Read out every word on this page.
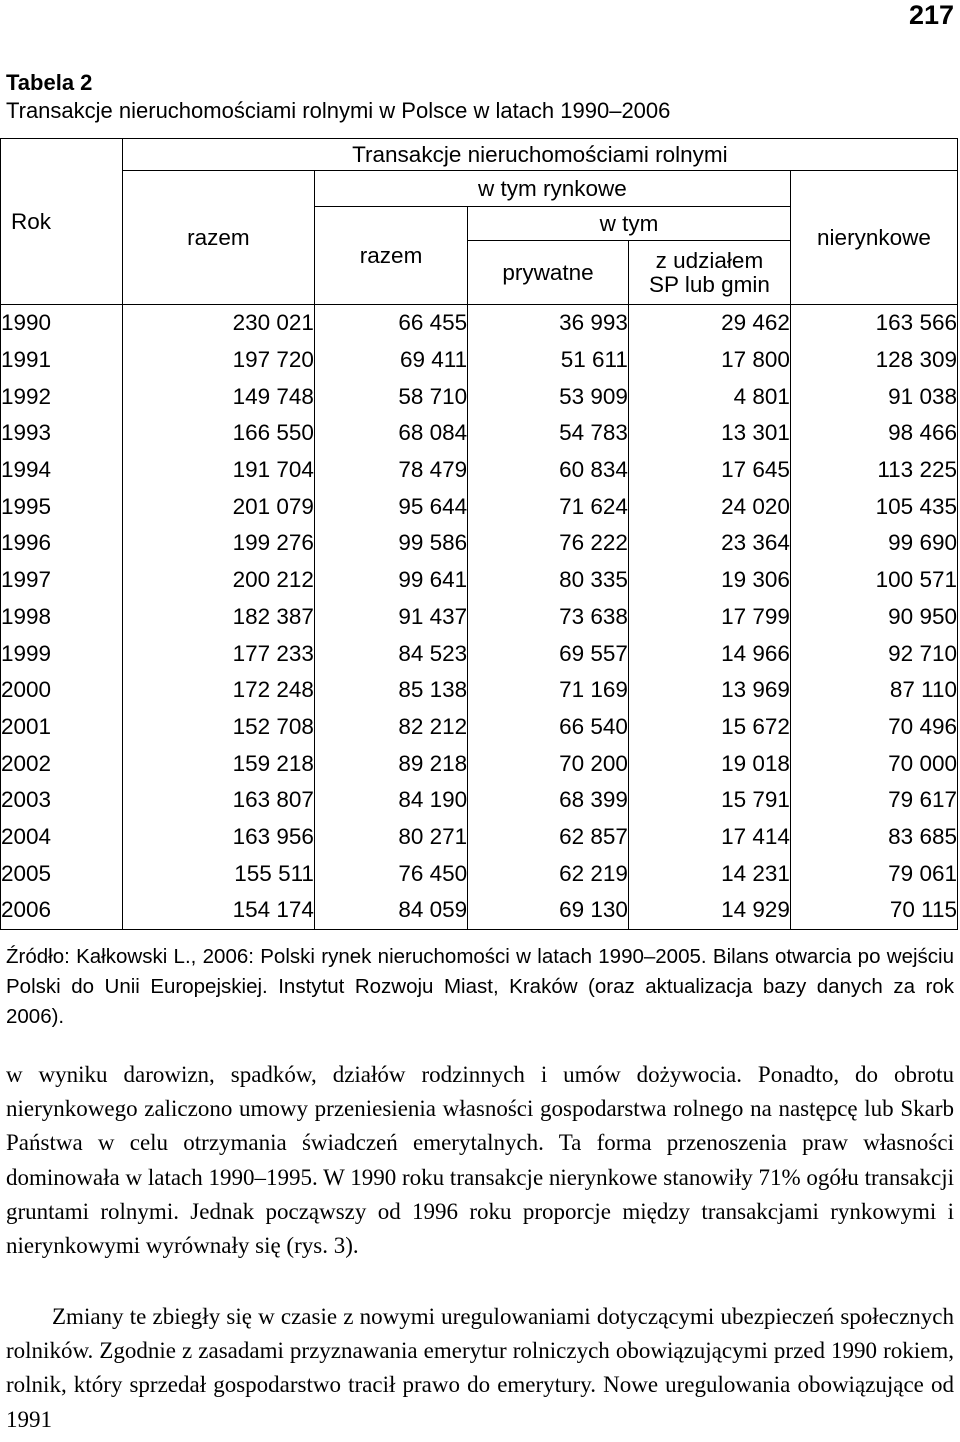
217
Tabela 2
Transakcje nieruchomościami rolnymi w Polsce w latach 1990–2006
Rok	Transakcje nieruchomościami rolnymi				
	razem	w tym rynkowe			nierynkowe
		razem	w tym		
			prywatne	z udziałem
SP lub gmin	
1990	230 021	66 455	36 993	29 462	163 566
1991	197 720	69 411	51 611	17 800	128 309
1992	149 748	58 710	53 909	4 801	91 038
1993	166 550	68 084	54 783	13 301	98 466
1994	191 704	78 479	60 834	17 645	113 225
1995	201 079	95 644	71 624	24 020	105 435
1996	199 276	99 586	76 222	23 364	99 690
1997	200 212	99 641	80 335	19 306	100 571
1998	182 387	91 437	73 638	17 799	90 950
1999	177 233	84 523	69 557	14 966	92 710
2000	172 248	85 138	71 169	13 969	87 110
2001	152 708	82 212	66 540	15 672	70 496
2002	159 218	89 218	70 200	19 018	70 000
2003	163 807	84 190	68 399	15 791	79 617
2004	163 956	80 271	62 857	17 414	83 685
2005	155 511	76 450	62 219	14 231	79 061
2006	154 174	84 059	69 130	14 929	70 115

Źródło: Kałkowski L., 2006: Polski rynek nieruchomości w latach 1990–2005. Bilans otwarcia po wejściu Polski do Unii Europejskiej. Instytut Rozwoju Miast, Kraków (oraz aktualizacja bazy danych za rok 2006).

w wyniku darowizn, spadków, działów rodzinnych i umów dożywocia. Ponadto, do obrotu nierynkowego zaliczono umowy przeniesienia własności gospodarstwa rolnego na następcę lub Skarb Państwa w celu otrzymania świadczeń emerytalnych. Ta forma przenoszenia praw własności dominowała w latach 1990–1995. W 1990 roku transakcje nierynkowe stanowiły 71% ogółu transakcji gruntami rolnymi. Jednak począwszy od 1996 roku proporcje między transakcjami rynkowymi i nierynkowymi wyrównały się (rys. 3).

Zmiany te zbiegły się w czasie z nowymi uregulowaniami dotyczącymi ubezpieczeń społecznych rolników. Zgodnie z zasadami przyznawania emerytur rolniczych obowiązującymi przed 1990 rokiem, rolnik, który sprzedał gospodarstwo tracił prawo do emerytury. Nowe uregulowania obowiązujące od 1991
